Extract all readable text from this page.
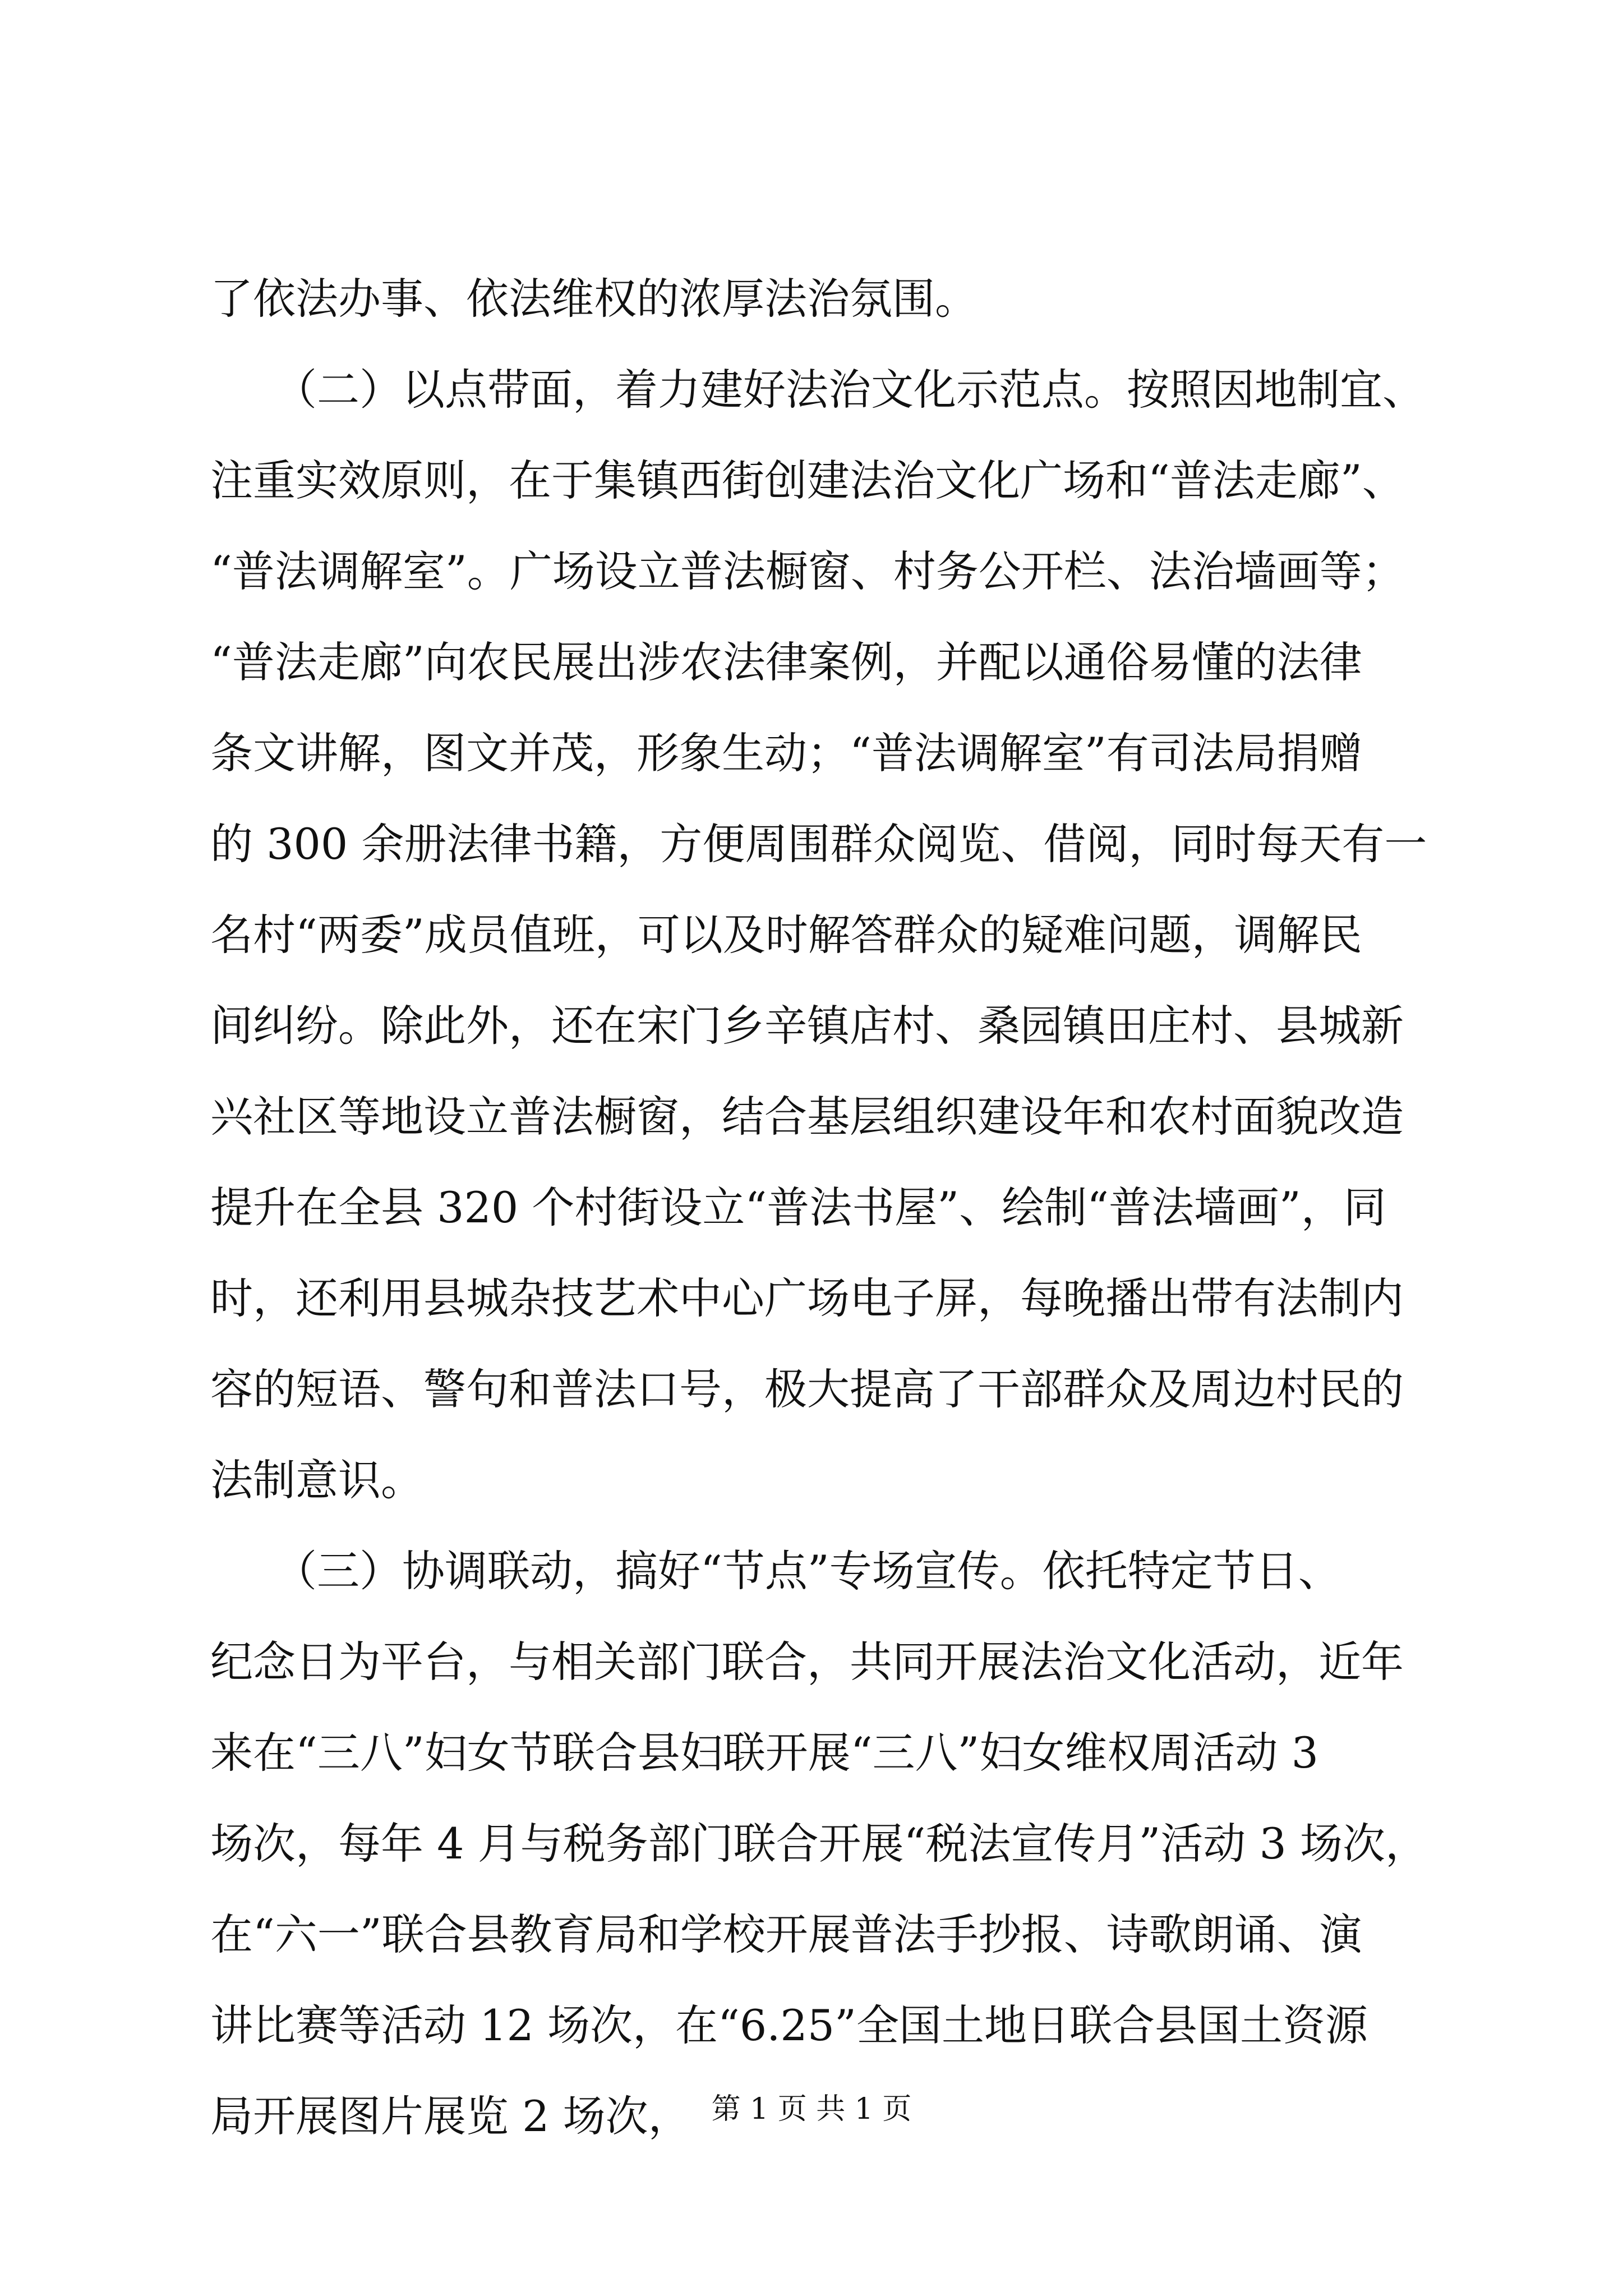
了依法办事、依法维权的浓厚法治氛围。
　　（二）以点带面，着力建好法治文化示范点。按照因地制宜、
注重实效原则，在于集镇西街创建法治文化广场和“普法走廊”、
“普法调解室”。广场设立普法橱窗、村务公开栏、法治墙画等；
“普法走廊”向农民展出涉农法律案例，并配以通俗易懂的法律
条文讲解，图文并茂，形象生动；“普法调解室”有司法局捐赠
的 300 余册法律书籍，方便周围群众阅览、借阅，同时每天有一
名村“两委”成员值班，可以及时解答群众的疑难问题，调解民
间纠纷。除此外，还在宋门乡辛镇店村、桑园镇田庄村、县城新
兴社区等地设立普法橱窗，结合基层组织建设年和农村面貌改造
提升在全县 320 个村街设立“普法书屋”、绘制“普法墙画”，同
时，还利用县城杂技艺术中心广场电子屏，每晚播出带有法制内
容的短语、警句和普法口号，极大提高了干部群众及周边村民的
法制意识。
　　（三）协调联动，搞好“节点”专场宣传。依托特定节日、
纪念日为平台，与相关部门联合，共同开展法治文化活动，近年
来在“三八”妇女节联合县妇联开展“三八”妇女维权周活动 3
场次，每年 4 月与税务部门联合开展“税法宣传月”活动 3 场次，
在“六一”联合县教育局和学校开展普法手抄报、诗歌朗诵、演
讲比赛等活动 12 场次，在“6.25”全国土地日联合县国土资源
局开展图片展览 2 场次， 第 1 页 共 1 页
